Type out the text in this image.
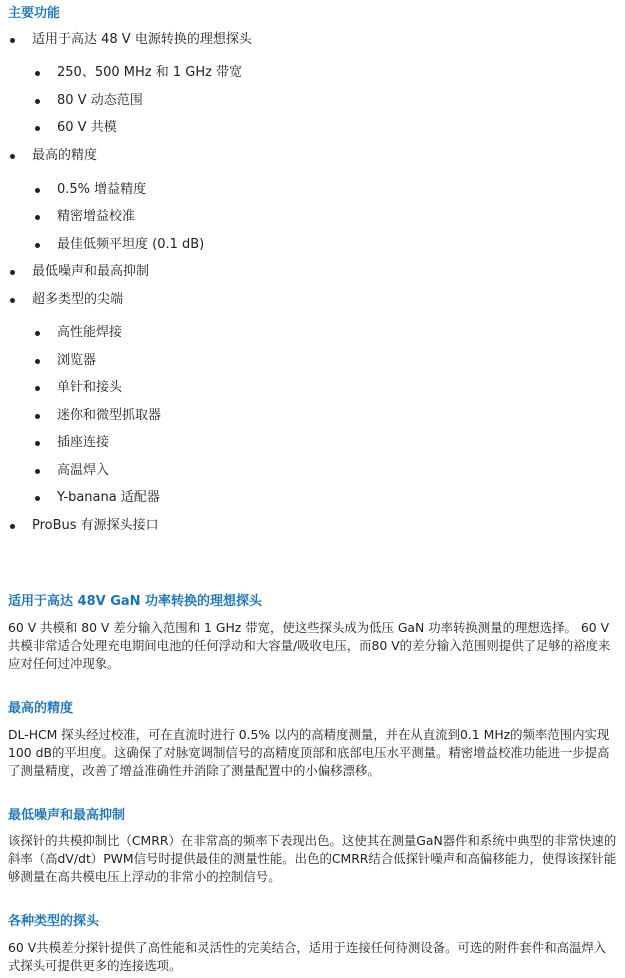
主要功能
适用于高达 48 V 电源转换的理想探头
250、500 MHz 和 1 GHz 带宽
80 V 动态范围
60 V 共模
最高的精度
0.5% 增益精度
精密增益校准
最佳低频平坦度 (0.1 dB)
最低噪声和最高抑制
超多类型的尖端
高性能焊接
浏览器
单针和接头
迷你和微型抓取器
插座连接
高温焊入
Y-banana 适配器
ProBus 有源探头接口
适用于高达 48V GaN 功率转换的理想探头

60 V 共模和 80 V 差分输入范围和 1 GHz 带宽，使这些探头成为低压 GaN 功率转换测量的理想选择。 60 V 共模非常适合处理充电期间电池的任何浮动和大容量/吸收电压，而80 V的差分输入范围则提供了足够的裕度来应对任何过冲现象。

最高的精度

DL-HCM 探头经过校准，可在直流时进行 0.5% 以内的高精度测量，并在从直流到0.1 MHz的频率范围内实现100 dB的平坦度。这确保了对脉宽调制信号的高精度顶部和底部电压水平测量。精密增益校准功能进一步提高了测量精度，改善了增益准确性并消除了测量配置中的小偏移漂移。

最低噪声和最高抑制

该探针的共模抑制比（CMRR）在非常高的频率下表现出色。这使其在测量GaN器件和系统中典型的非常快速的斜率（高dV/dt）PWM信号时提供最佳的测量性能。出色的CMRR结合低探针噪声和高偏移能力，使得该探针能够测量在高共模电压上浮动的非常小的控制信号。

各种类型的探头

60 V共模差分探针提供了高性能和灵活性的完美结合，适用于连接任何待测设备。可选的附件套件和高温焊入式探头可提供更多的连接选项。
